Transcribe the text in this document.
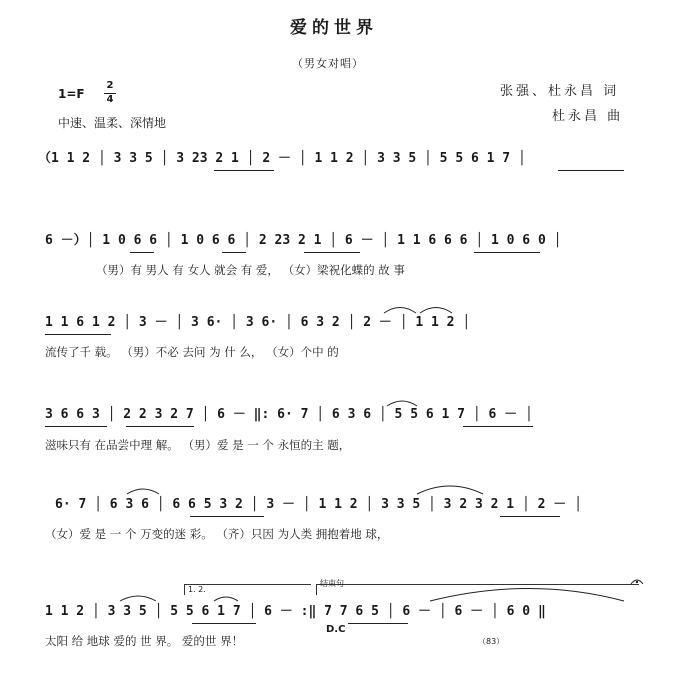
爱的世界
（男女对唱）
1=F
2
4
中速、温柔、深情地
张强、杜永昌 词
杜永昌 曲
（1 1 2 │ 3 3 5 │ 3 23 2 1 │ 2 － │ 1 1 2 │ 3 3 5 │ 5 5 6 1 7 │
6 －）│ 1 0 6 6 │ 1 0 6 6 │ 2 23 2 1 │ 6 － │ 1 1 6 6 6 │ 1 0 6 0 │
（男）有 男人 有 女人 就会 有 爱， （女）梁祝化蝶的 故 事
1 1 6 1 2 │ 3 － │ 3 6· │ 3 6· │ 6 3 2 │ 2 － │ 1 1 2 │
流传了千 载。 （男）不必 去问 为 什 么， （女）个中 的
3 6 6 3 │ 2 2 3 2 7 │ 6 － ‖: 6· 7 │ 6 3 6 │ 5 5 6 1 7 │ 6 － │
滋味只有 在品尝中理 解。 （男）爱 是 一 个 永恒的主 题，
6· 7 │ 6 3 6 │ 6 6 5 3 2 │ 3 － │ 1 1 2 │ 3 3 5 │ 3 2 3 2 1 │ 2 － │
（女）爱 是 一 个 万变的迷 彩。 （齐）只因 为人类 拥抱着地 球，
1. 2.
结束句
1 1 2 │ 3 3 5 │ 5 5 6 1 7 │ 6 － :‖ 7 7 6 5 │ 6 － │ 6 － │ 6 0 ‖
太阳 给 地球 爱的 世 界。 爱的世 界！
D.C
（83）
